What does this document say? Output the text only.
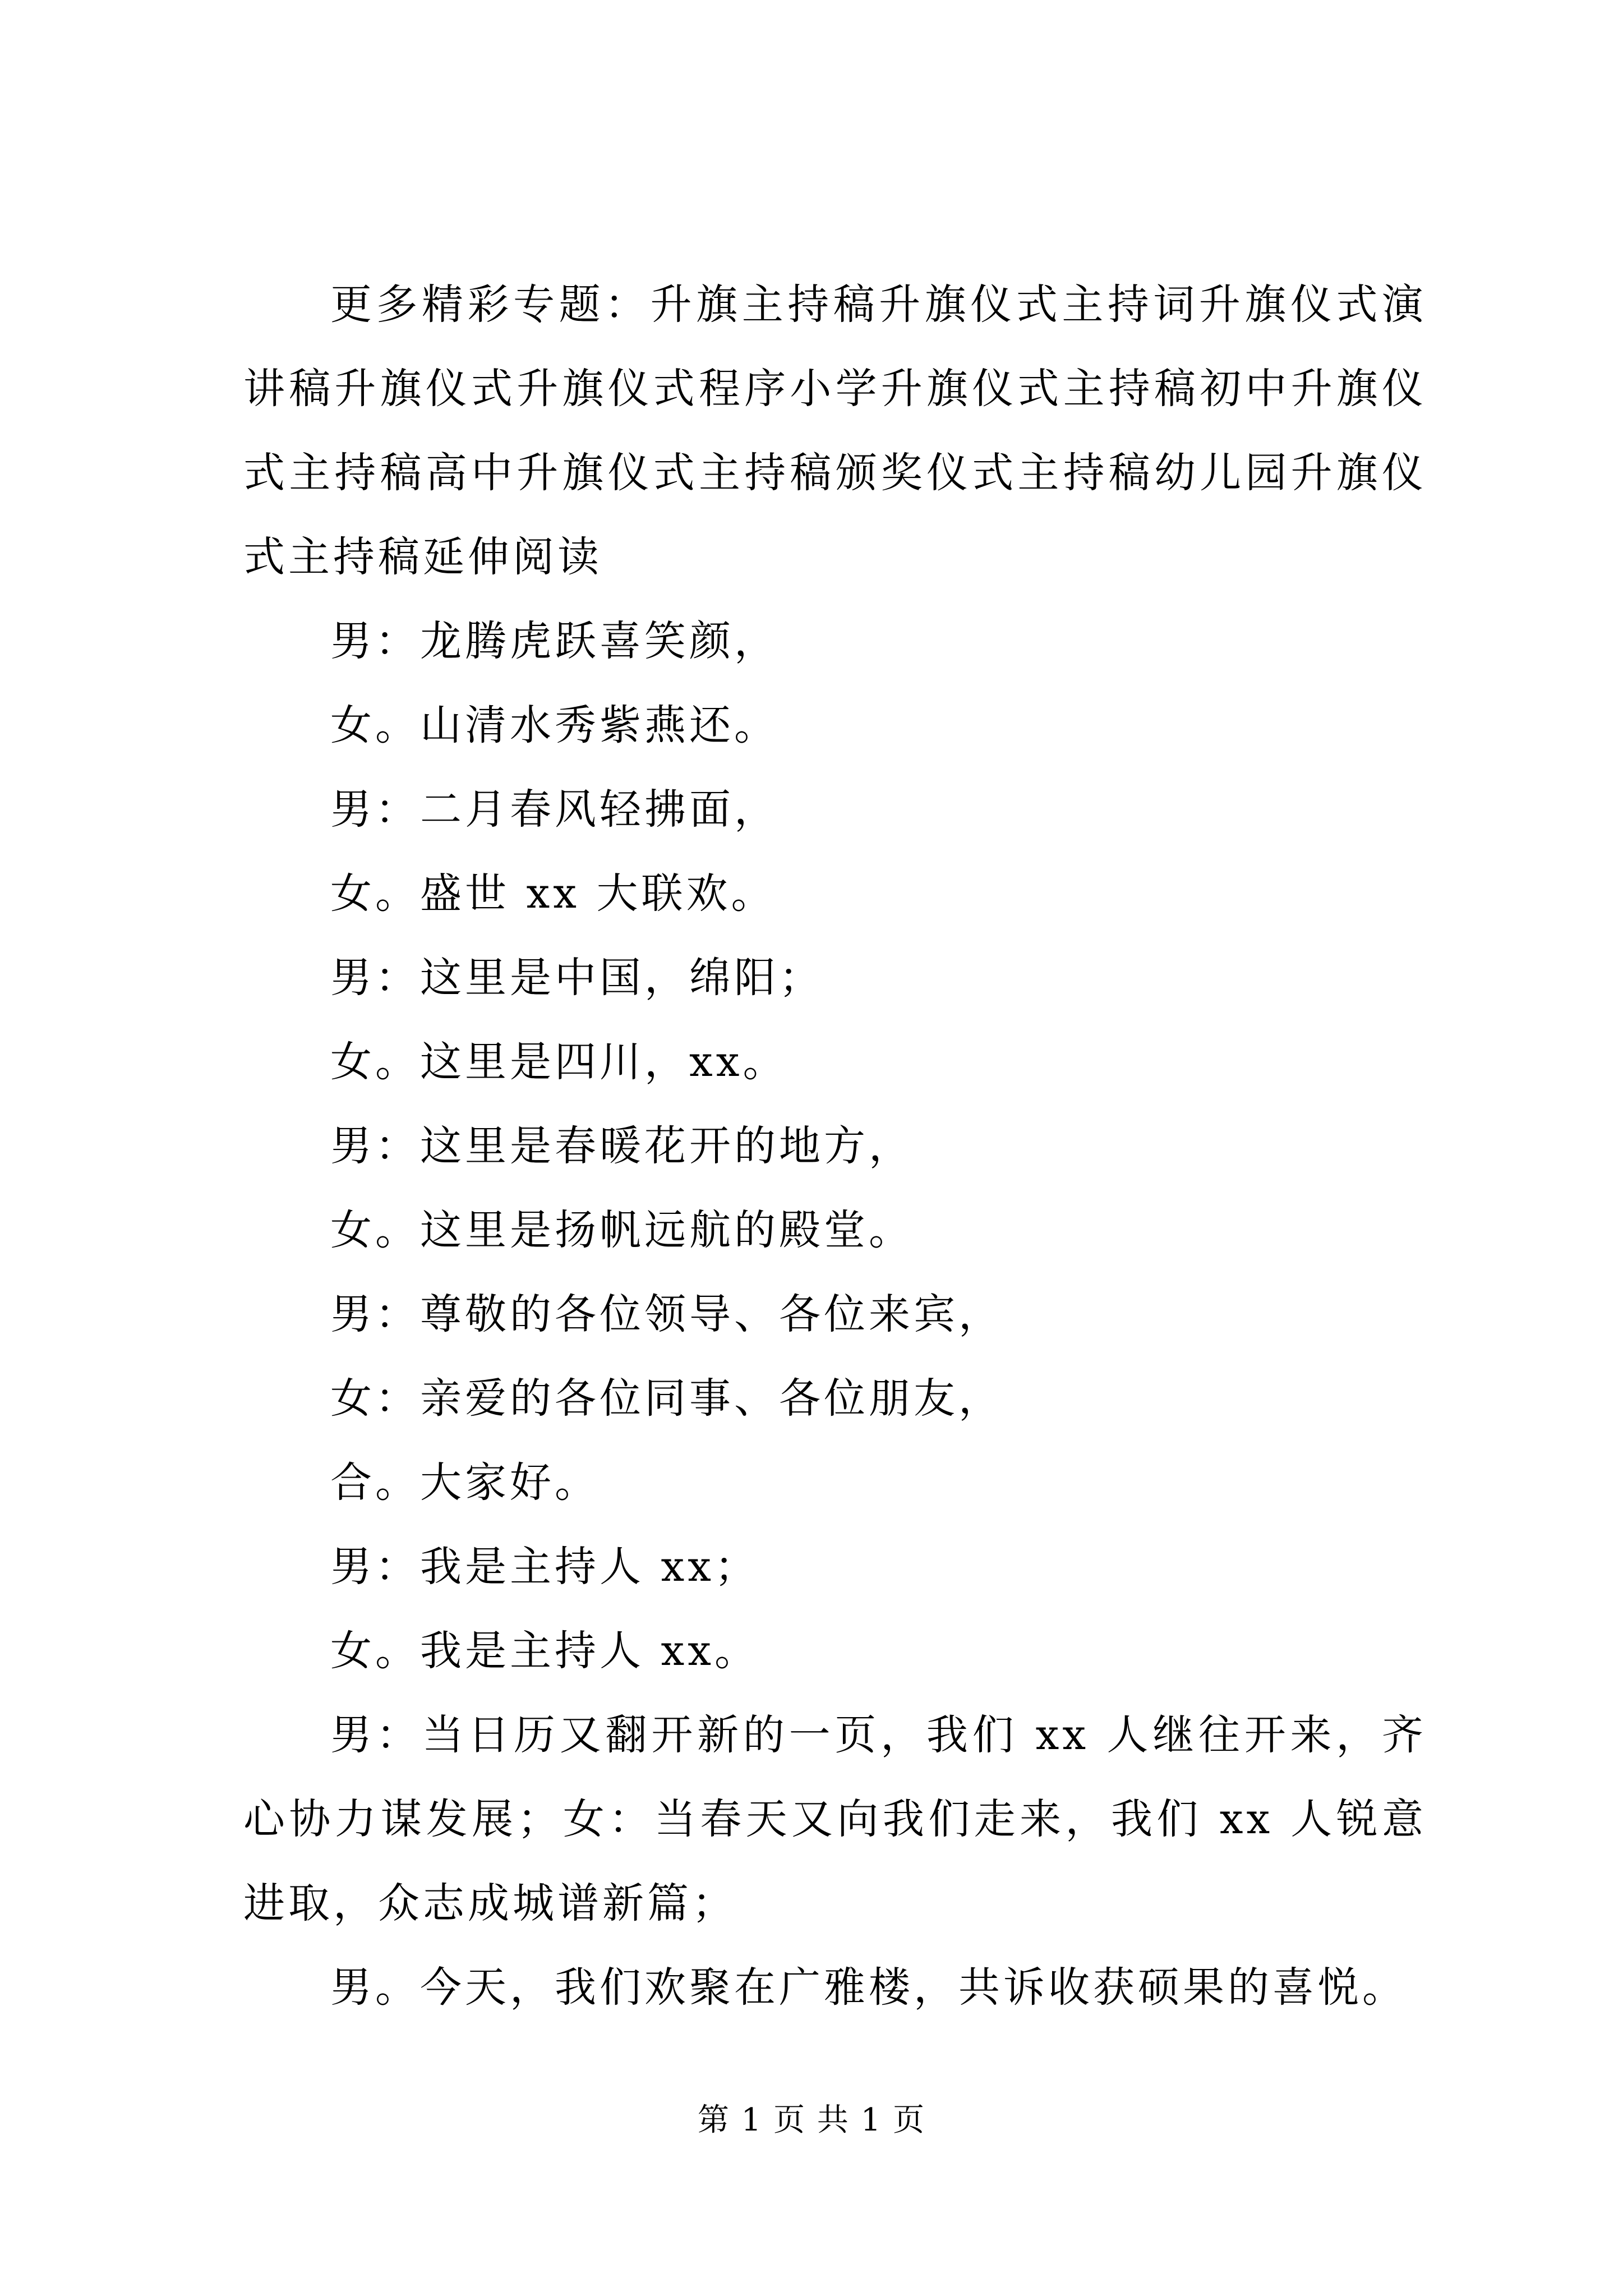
更多精彩专题：升旗主持稿升旗仪式主持词升旗仪式演讲稿升旗仪式升旗仪式程序小学升旗仪式主持稿初中升旗仪式主持稿高中升旗仪式主持稿颁奖仪式主持稿幼儿园升旗仪式主持稿延伸阅读

男：龙腾虎跃喜笑颜，

女。山清水秀紫燕还。

男：二月春风轻拂面，

女。盛世 xx 大联欢。

男：这里是中国，绵阳；

女。这里是四川，xx。

男：这里是春暖花开的地方，

女。这里是扬帆远航的殿堂。

男：尊敬的各位领导、各位来宾，

女：亲爱的各位同事、各位朋友，

合。大家好。

男：我是主持人 xx；

女。我是主持人 xx。

男：当日历又翻开新的一页，我们 xx 人继往开来，齐心协力谋发展；女：当春天又向我们走来，我们 xx 人锐意进取，众志成城谱新篇；

男。今天，我们欢聚在广雅楼，共诉收获硕果的喜悦。

第 1 页 共 1 页
